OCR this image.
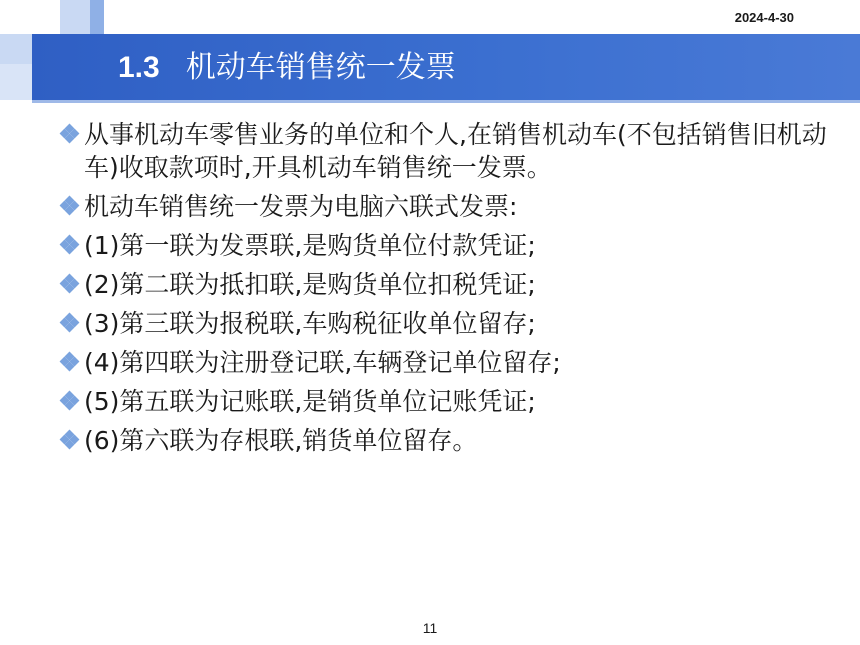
2024-4-30
1.3 机动车销售统一发票
从事机动车零售业务的单位和个人,在销售机动车(不包括销售旧机动车)收取款项时,开具机动车销售统一发票。
机动车销售统一发票为电脑六联式发票:
(1)第一联为发票联,是购货单位付款凭证;
(2)第二联为抵扣联,是购货单位扣税凭证;
(3)第三联为报税联,车购税征收单位留存;
(4)第四联为注册登记联,车辆登记单位留存;
(5)第五联为记账联,是销货单位记账凭证;
(6)第六联为存根联,销货单位留存。
11
